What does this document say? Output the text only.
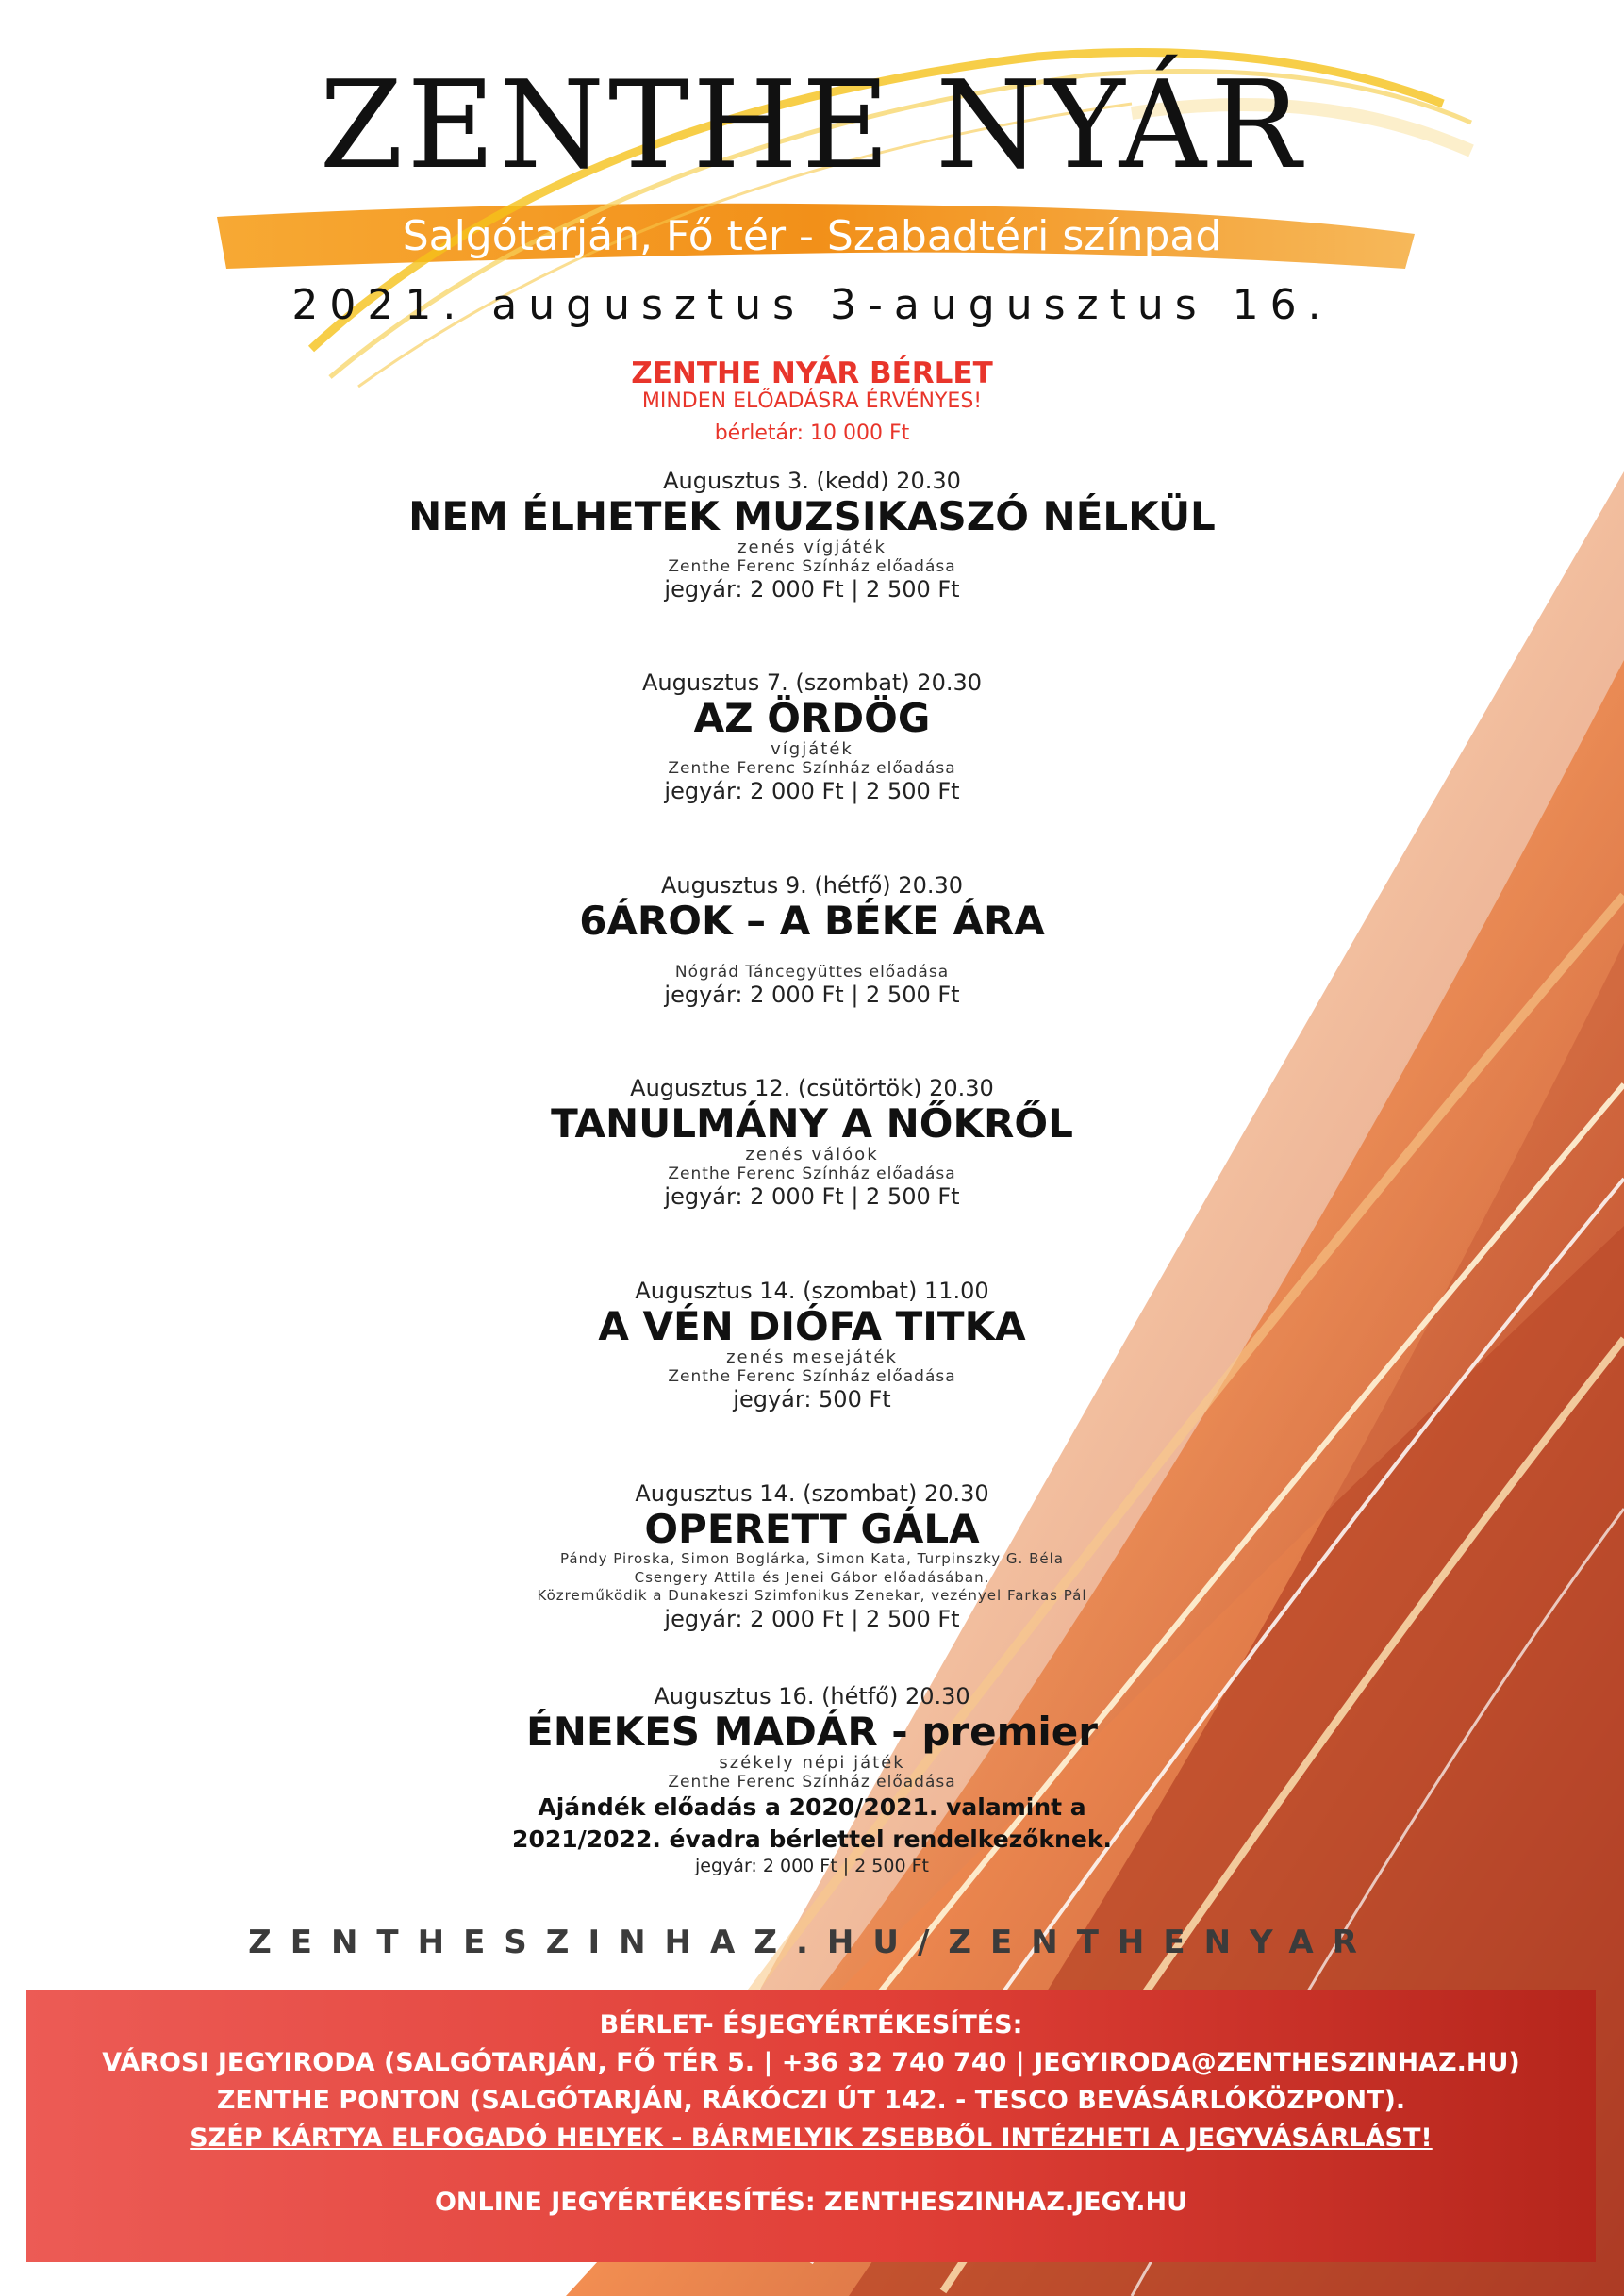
ZENTHE NYÁR
Salgótarján, Fő tér - Szabadtéri színpad
2021. augusztus 3-augusztus 16.
ZENTHE NYÁR BÉRLET
MINDEN ELŐADÁSRA ÉRVÉNYES!
bérletár: 10 000 Ft
Augusztus 3. (kedd) 20.30
NEM ÉLHETEK MUZSIKASZÓ NÉLKÜL
zenés vígjáték
Zenthe Ferenc Színház előadása
jegyár: 2 000 Ft | 2 500 Ft
Augusztus 7. (szombat) 20.30
AZ ÖRDÖG
vígjáték
Zenthe Ferenc Színház előadása
jegyár: 2 000 Ft | 2 500 Ft
Augusztus 9. (hétfő) 20.30
6ÁROK – A BÉKE ÁRA
Nógrád Táncegyüttes előadása
jegyár: 2 000 Ft | 2 500 Ft
Augusztus 12. (csütörtök) 20.30
TANULMÁNY A NŐKRŐL
zenés válóok
Zenthe Ferenc Színház előadása
jegyár: 2 000 Ft | 2 500 Ft
Augusztus 14. (szombat) 11.00
A VÉN DIÓFA TITKA
zenés mesejáték
Zenthe Ferenc Színház előadása
jegyár: 500 Ft
Augusztus 14. (szombat) 20.30
OPERETT GÁLA
Pándy Piroska, Simon Boglárka, Simon Kata, Turpinszky G. Béla
Csengery Attila és Jenei Gábor előadásában.
Közreműködik a Dunakeszi Szimfonikus Zenekar, vezényel Farkas Pál
jegyár: 2 000 Ft | 2 500 Ft
Augusztus 16. (hétfő) 20.30
ÉNEKES MADÁR - premier
székely népi játék
Zenthe Ferenc Színház előadása
Ajándék előadás a 2020/2021. valamint a
2021/2022. évadra bérlettel rendelkezőknek.
jegyár: 2 000 Ft | 2 500 Ft
ZENTHESZINHAZ.HU/ZENTHENYAR
BÉRLET- ÉSJEGYÉRTÉKESÍTÉS:
VÁROSI JEGYIRODA (SALGÓTARJÁN, FŐ TÉR 5. | +36 32 740 740 | JEGYIRODA@ZENTHESZINHAZ.HU)
ZENTHE PONTON (SALGÓTARJÁN, RÁKÓCZI ÚT 142. - TESCO BEVÁSÁRLÓKÖZPONT).
SZÉP KÁRTYA ELFOGADÓ HELYEK - BÁRMELYIK ZSEBBŐL INTÉZHETI A JEGYVÁSÁRLÁST!
ONLINE JEGYÉRTÉKESÍTÉS: ZENTHESZINHAZ.JEGY.HU
